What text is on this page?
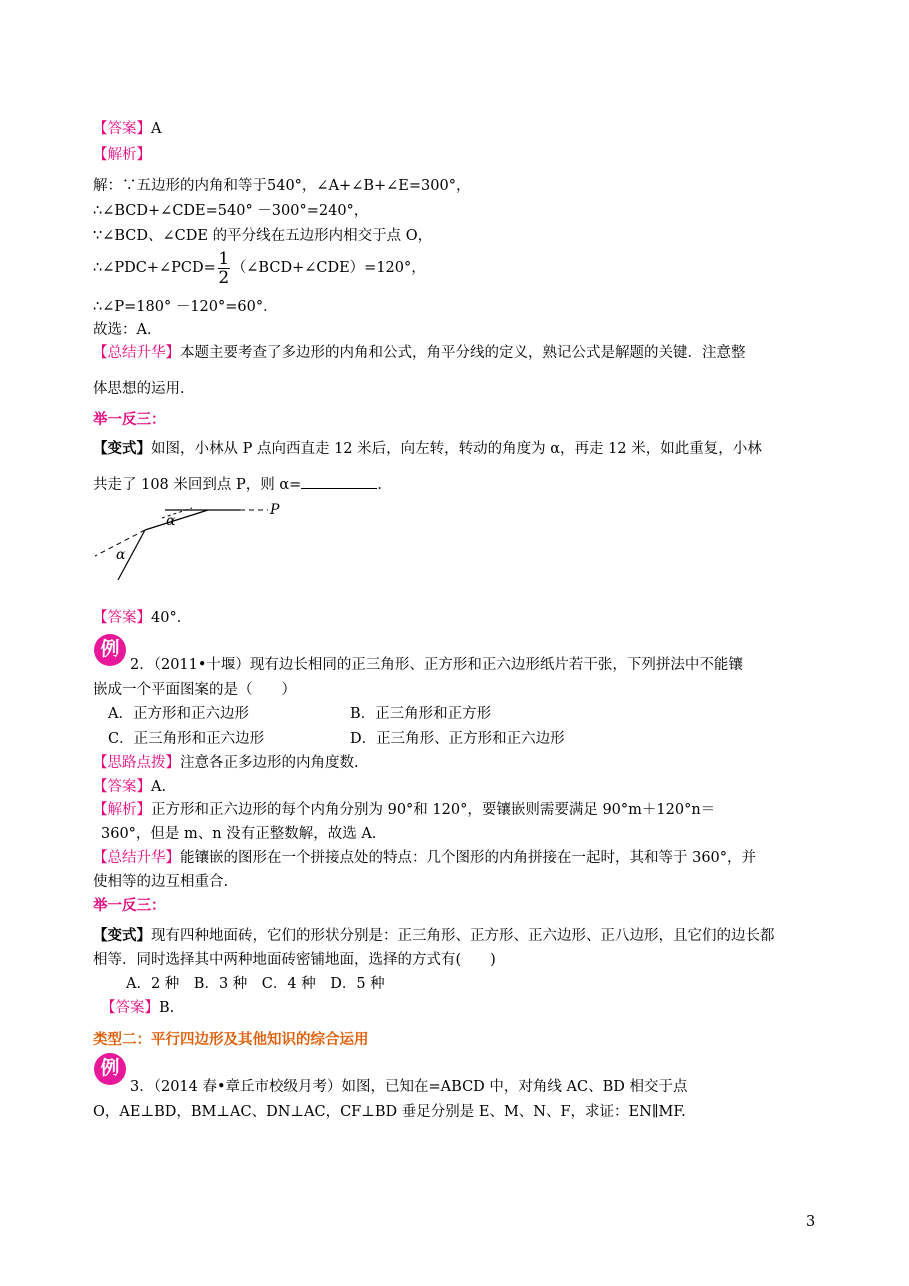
【答案】A
【解析】
解：∵五边形的内角和等于540°，∠A+∠B+∠E=300°，
∴∠BCD+∠CDE=540° －300°=240°，
∵∠BCD、∠CDE 的平分线在五边形内相交于点 O，
∴∠PDC+∠PCD= $\frac{1}{2}$ （∠BCD+∠CDE）=120°，
∴∠P=180° －120°=60°．
故选：A．
【总结升华】本题主要考查了多边形的内角和公式，角平分线的定义，熟记公式是解题的关键．注意整
体思想的运用．
举一反三：
【变式】如图，小林从 P 点向西直走 12 米后，向左转，转动的角度为 α，再走 12 米，如此重复，小林
共走了 108 米回到点 P，则 α=	．
P
α
α
【答案】40°．
例
2．（2011•十堰）现有边长相同的正三角形、正方形和正六边形纸片若干张，下列拼法中不能镶
嵌成一个平面图案的是（　　）
A．正方形和正六边形	B．正三角形和正方形
C．正三角形和正六边形	D．正三角形、正方形和正六边形
【思路点拨】注意各正多边形的内角度数.
【答案】A.
【解析】正方形和正六边形的每个内角分别为 90°和 120°，要镶嵌则需要满足 90°m＋120°n＝
360°，但是 m、n 没有正整数解，故选 A.
【总结升华】能镶嵌的图形在一个拼接点处的特点：几个图形的内角拼接在一起时，其和等于 360°，并
使相等的边互相重合.
举一反三：
【变式】现有四种地面砖，它们的形状分别是：正三角形、正方形、正六边形、正八边形，且它们的边长都
相等．同时选择其中两种地面砖密铺地面，选择的方式有(　　)
A．2 种　B．3 种　C．4 种　D．5 种
【答案】B.
类型二：平行四边形及其他知识的综合运用
例
3．（2014 春•章丘市校级月考）如图，已知在=ABCD 中，对角线 AC、BD 相交于点
O，AE⊥BD，BM⊥AC、DN⊥AC，CF⊥BD 垂足分别是 E、M、N、F，求证：EN∥MF.
3
